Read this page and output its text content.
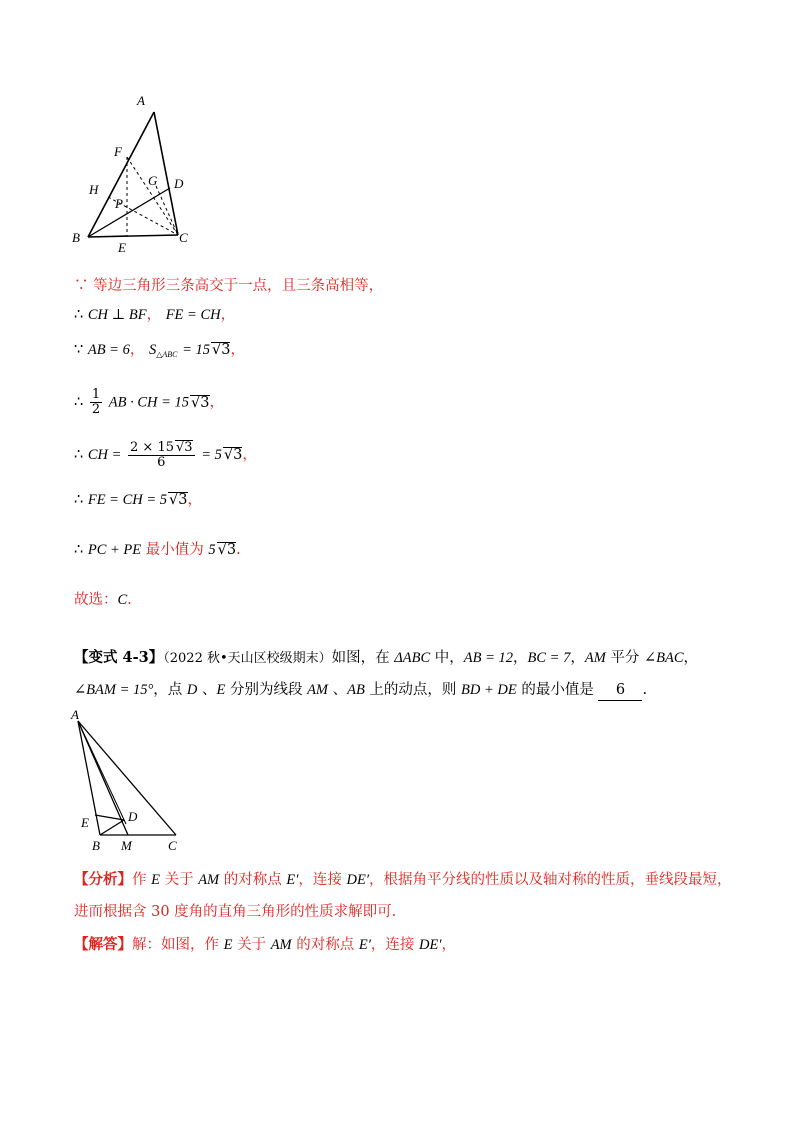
A
F
G D
H
P
B
E
C
∵ 等边三角形三条高交于一点，且三条高相等，
∴ CH ⊥ BF， FE = CH，
∵ AB = 6， $S_{\triangle ABC} = 15$ √3，
∴ $\frac{1}{2}$ AB · CH = 15 √3，
∴ CH = $\frac{2 \times 15 √3}{6} = 5$ √3，
∴ FE = CH = 5 √3，
∴ PC + PE 最小值为 5 √3.
故选：C.
【变式 4-3】（2022 秋•天山区校级期末）如图，在 ΔABC 中，AB = 12，BC = 7，AM 平分 ∠BAC，
∠BAM = 15°，点 D 、E 分别为线段 AM 、AB 上的动点，则 BD + DE 的最小值是 6 .
A
E	D
B M	C
【分析】作 E 关于 AM 的对称点 E′，连接 DE′，根据角平分线的性质以及轴对称的性质，垂线段最短，
进而根据含 30 度角的直角三角形的性质求解即可.
【解答】解：如图，作 E 关于 AM 的对称点 E′，连接 DE′，
